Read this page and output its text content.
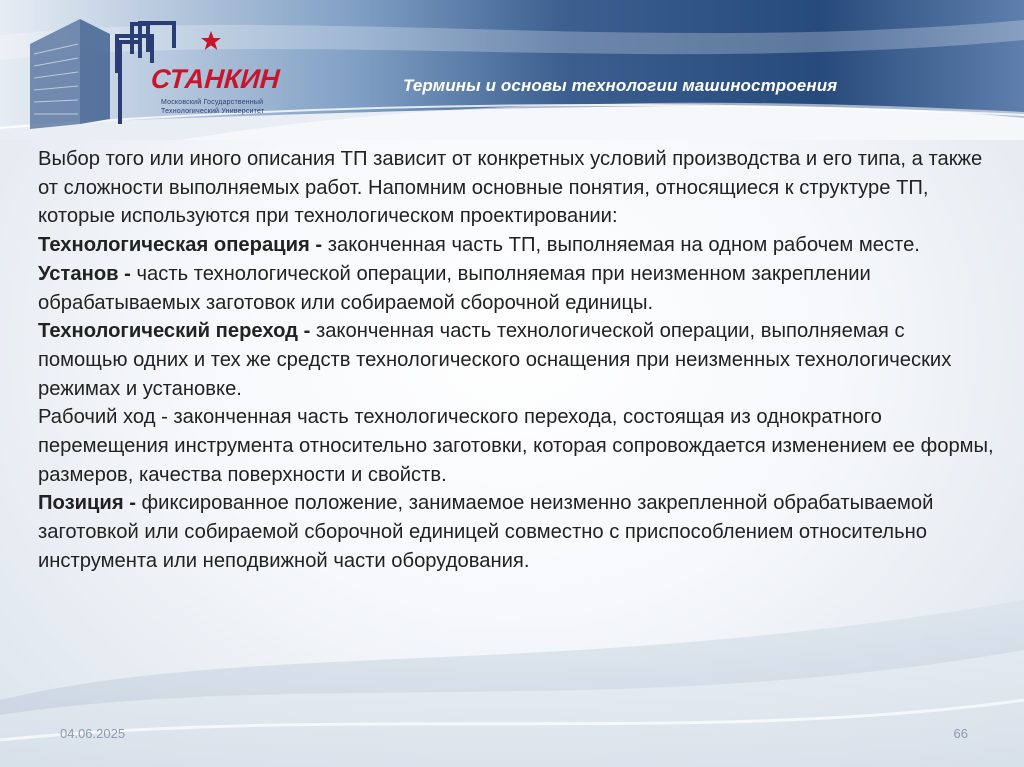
СТАНКИН
Московский Государственный
Технологический Университет
Термины и основы технологии машиностроения

Выбор того или иного описания ТП зависит от конкретных условий производства и его типа, а также от сложности выполняемых работ. Напомним основные понятия, относящиеся к структуре ТП, которые используются при технологическом проектировании:

Технологическая операция - законченная часть ТП, выполняемая на одном рабочем месте.

Установ - часть технологической операции, выполняемая при неизменном закреплении обрабатываемых заготовок или собираемой сборочной единицы.

Технологический переход - законченная часть технологической операции, выполняемая с помощью одних и тех же средств технологического оснащения при неизменных технологических режимах и установке.

Рабочий ход - законченная часть технологического перехода, состоящая из однократного перемещения инструмента относительно заготовки, которая сопровождается изменением ее формы, размеров, качества поверхности и свойств.

Позиция - фиксированное положение, занимаемое неизменно закрепленной обрабатываемой заготовкой или собираемой сборочной единицей совместно с приспособлением относительно инструмента или неподвижной части оборудования.

04.06.2025	66
